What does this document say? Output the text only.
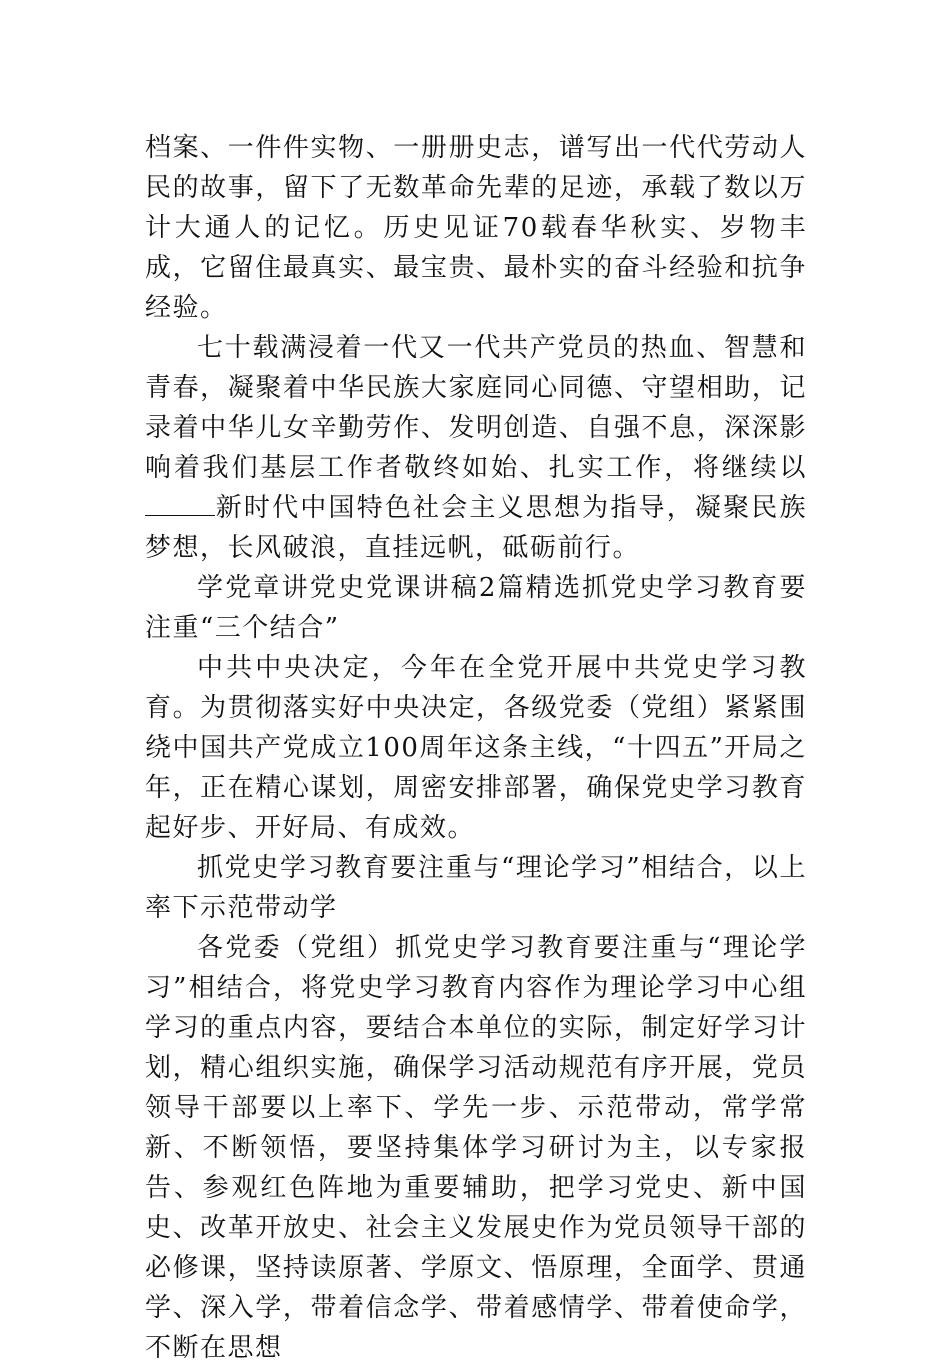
档案、一件件实物、一册册史志，谱写出一代代劳动人民的故事，留下了无数革命先辈的足迹，承载了数以万计大通人的记忆。历史见证70载春华秋实、岁物丰成，它留住最真实、最宝贵、最朴实的奋斗经验和抗争经验。

七十载满浸着一代又一代共产党员的热血、智慧和青春，凝聚着中华民族大家庭同心同德、守望相助，记录着中华儿女辛勤劳作、发明创造、自强不息，深深影响着我们基层工作者敬终如始、扎实工作，将继续以新时代中国特色社会主义思想为指导，凝聚民族梦想，长风破浪，直挂远帆，砥砺前行。

学党章讲党史党课讲稿2篇精选抓党史学习教育要注重“三个结合”

中共中央决定，今年在全党开展中共党史学习教育。为贯彻落实好中央决定，各级党委（党组）紧紧围绕中国共产党成立100周年这条主线，“十四五”开局之年，正在精心谋划，周密安排部署，确保党史学习教育起好步、开好局、有成效。

抓党史学习教育要注重与“理论学习”相结合，以上率下示范带动学

各党委（党组）抓党史学习教育要注重与“理论学习”相结合，将党史学习教育内容作为理论学习中心组学习的重点内容，要结合本单位的实际，制定好学习计划，精心组织实施，确保学习活动规范有序开展，党员领导干部要以上率下、学先一步、示范带动，常学常新、不断领悟，要坚持集体学习研讨为主，以专家报告、参观红色阵地为重要辅助，把学习党史、新中国史、改革开放史、社会主义发展史作为党员领导干部的必修课，坚持读原著、学原文、悟原理，全面学、贯通学、深入学，带着信念学、带着感情学、带着使命学，不断在思想
